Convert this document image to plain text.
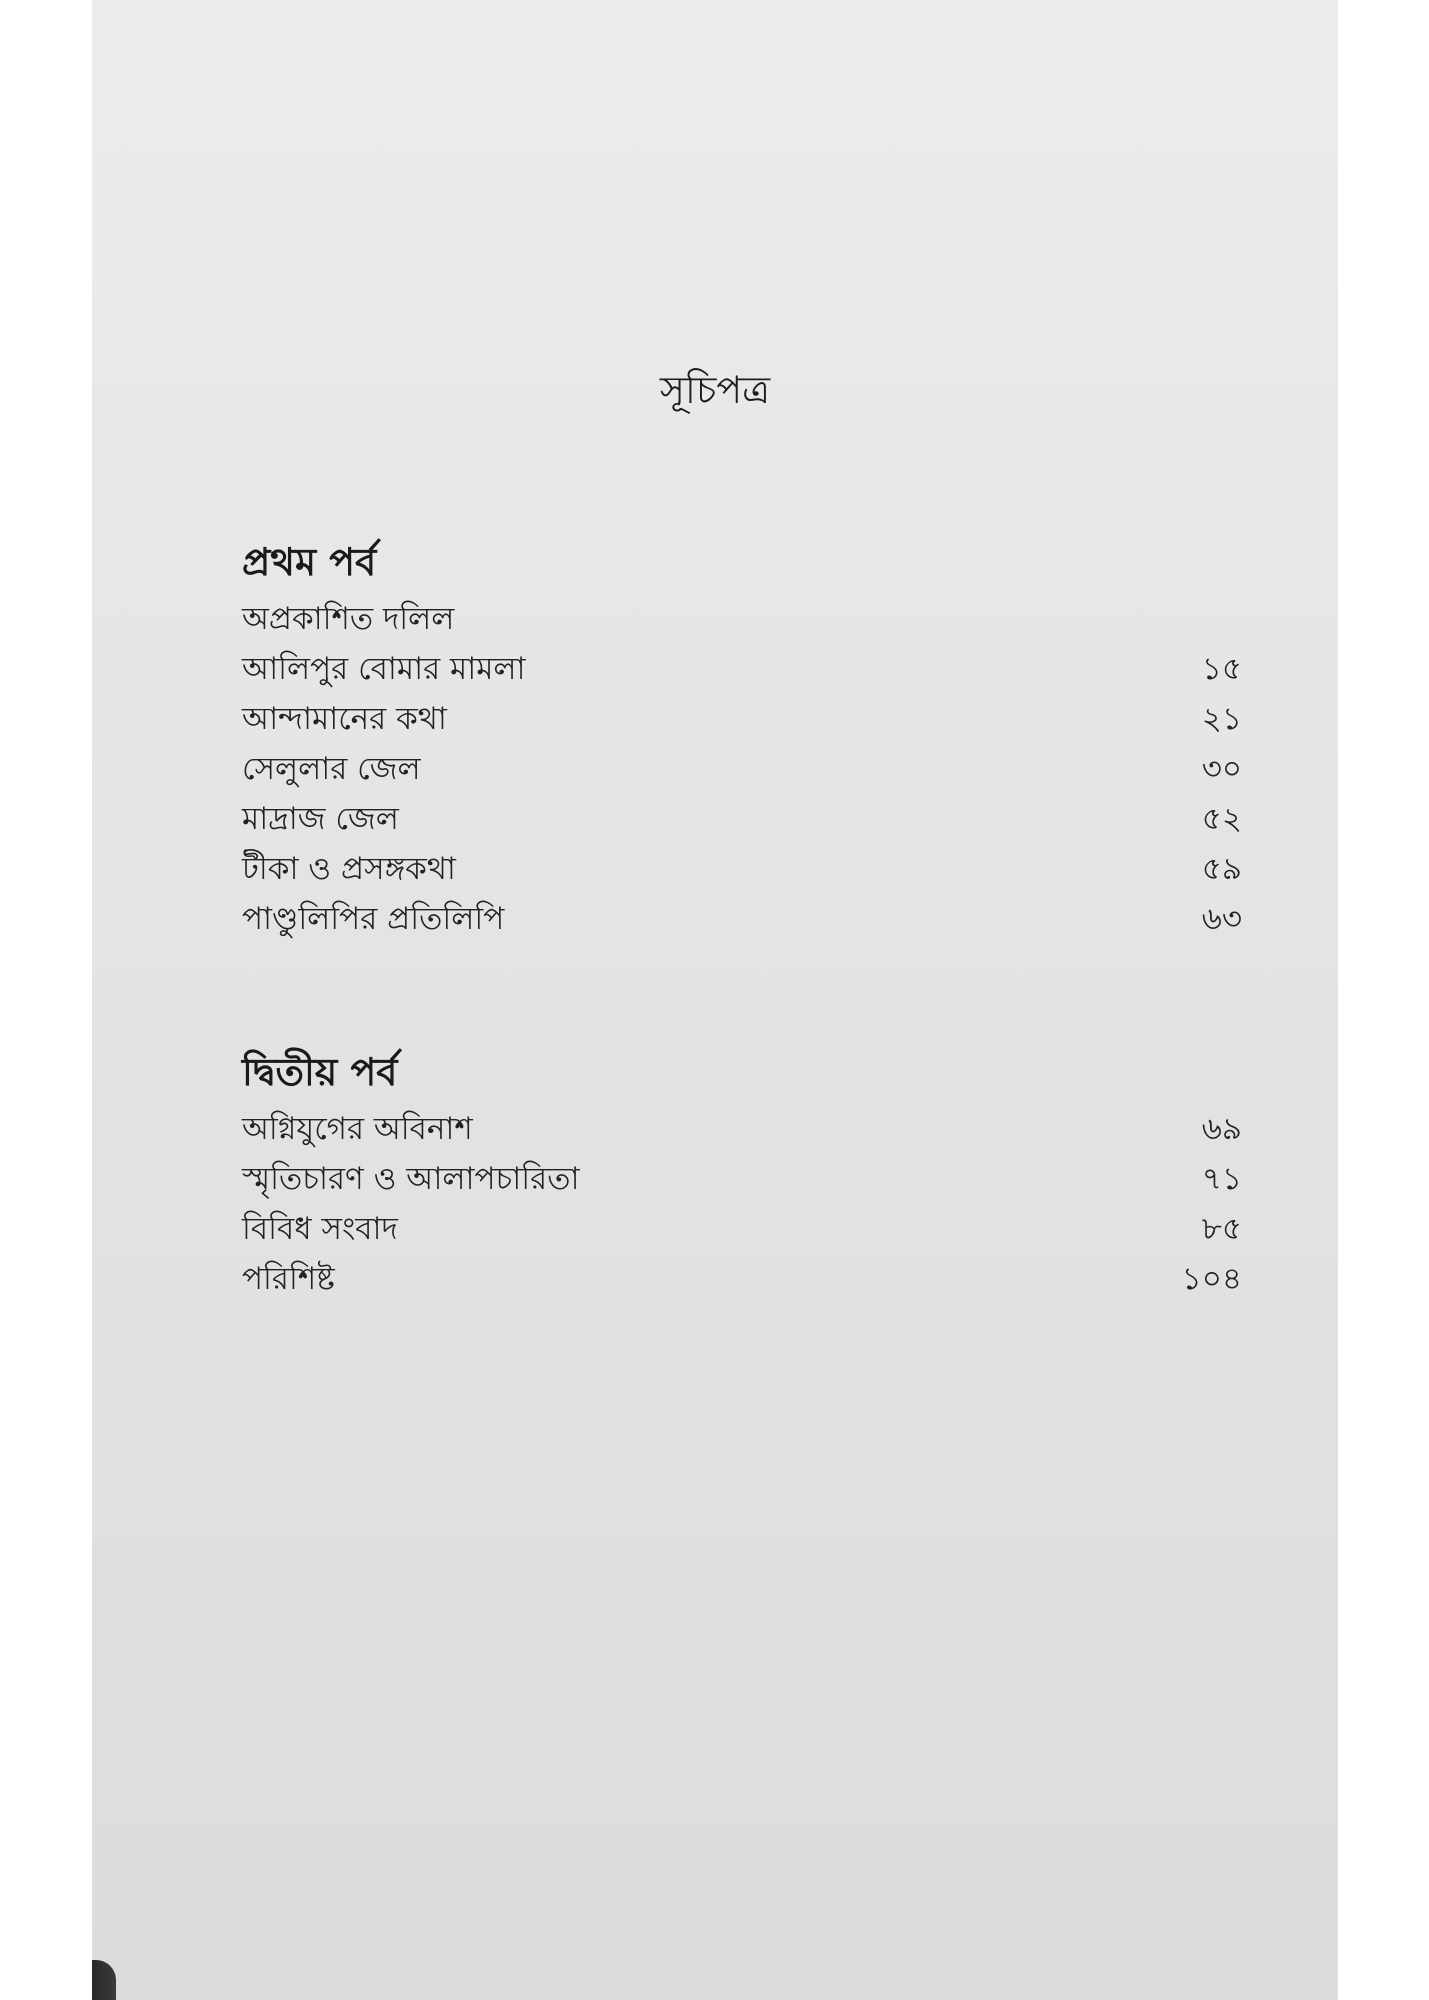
সূচিপত্র
প্রথম পর্ব
অপ্রকাশিত দলিল
আলিপুর বোমার মামলা	১৫
আন্দামানের কথা	২১
সেলুলার জেল	৩০
মাদ্রাজ জেল	৫২
টীকা ও প্রসঙ্গকথা	৫৯
পাণ্ডুলিপির প্রতিলিপি	৬৩
দ্বিতীয় পর্ব
অগ্নিযুগের অবিনাশ	৬৯
স্মৃতিচারণ ও আলাপচারিতা	৭১
বিবিধ সংবাদ	৮৫
পরিশিষ্ট	১০৪
